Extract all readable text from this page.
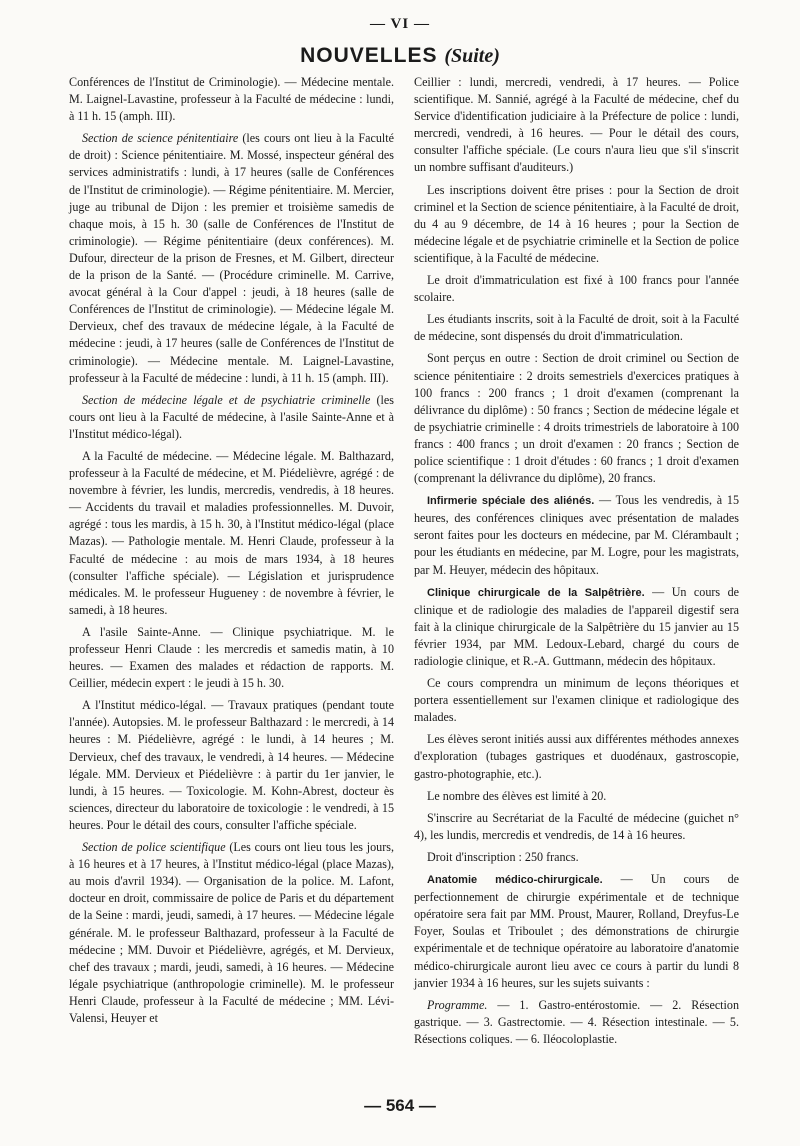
— VI —
NOUVELLES (Suite)

Conférences de l'Institut de Criminologie). — Médecine mentale. M. Laignel-Lavastine, professeur à la Faculté de médecine : lundi, à 11 h. 15 (amph. III).

Section de science pénitentiaire (les cours ont lieu à la Faculté de droit) : Science pénitentiaire. M. Mossé, inspecteur général des services administratifs : lundi, à 17 heures (salle de Conférences de l'Institut de criminologie). — Régime pénitentiaire. M. Mercier, juge au tribunal de Dijon : les premier et troisième samedis de chaque mois, à 15 h. 30 (salle de Conférences de l'Institut de criminologie). — Régime pénitentiaire (deux conférences). M. Dufour, directeur de la prison de Fresnes, et M. Gilbert, directeur de la prison de la Santé. — (Procédure criminelle. M. Carrive, avocat général à la Cour d'appel : jeudi, à 18 heures (salle de Conférences de l'Institut de criminologie). — Médecine légale M. Dervieux, chef des travaux de médecine légale, à la Faculté de médecine : jeudi, à 17 heures (salle de Conférences de l'Institut de criminologie). — Médecine mentale. M. Laignel-Lavastine, professeur à la Faculté de médecine : lundi, à 11 h. 15 (amph. III).

Section de médecine légale et de psychiatrie criminelle (les cours ont lieu à la Faculté de médecine, à l'asile Sainte-Anne et à l'Institut médico-légal).

A la Faculté de médecine. — Médecine légale. M. Balthazard, professeur à la Faculté de médecine, et M. Piédelièvre, agrégé : de novembre à février, les lundis, mercredis, vendredis, à 18 heures. — Accidents du travail et maladies professionnelles. M. Duvoir, agrégé : tous les mardis, à 15 h. 30, à l'Institut médico-légal (place Mazas). — Pathologie mentale. M. Henri Claude, professeur à la Faculté de médecine : au mois de mars 1934, à 18 heures (consulter l'affiche spéciale). — Législation et jurisprudence médicales. M. le professeur Hugueney : de novembre à février, le samedi, à 18 heures.

A l'asile Sainte-Anne. — Clinique psychiatrique. M. le professeur Henri Claude : les mercredis et samedis matin, à 10 heures. — Examen des malades et rédaction de rapports. M. Ceillier, médecin expert : le jeudi à 15 h. 30.

A l'Institut médico-légal. — Travaux pratiques (pendant toute l'année). Autopsies. M. le professeur Balthazard : le mercredi, à 14 heures : M. Piédelièvre, agrégé : le lundi, à 14 heures ; M. Dervieux, chef des travaux, le vendredi, à 14 heures. — Médecine légale. MM. Dervieux et Piédelièvre : à partir du 1er janvier, le lundi, à 15 heures. — Toxicologie. M. Kohn-Abrest, docteur ès sciences, directeur du laboratoire de toxicologie : le vendredi, à 15 heures. Pour le détail des cours, consulter l'affiche spéciale.

Section de police scientifique (Les cours ont lieu tous les jours, à 16 heures et à 17 heures, à l'Institut médico-légal (place Mazas), au mois d'avril 1934). — Organisation de la police. M. Lafont, docteur en droit, commissaire de police de Paris et du département de la Seine : mardi, jeudi, samedi, à 17 heures. — Médecine légale générale. M. le professeur Balthazard, professeur à la Faculté de médecine ; MM. Duvoir et Piédelièvre, agrégés, et M. Dervieux, chef des travaux ; mardi, jeudi, samedi, à 16 heures. — Médecine légale psychiatrique (anthropologie criminelle). M. le professeur Henri Claude, professeur à la Faculté de médecine ; MM. Lévi-Valensi, Heuyer et

Ceillier : lundi, mercredi, vendredi, à 17 heures. — Police scientifique. M. Sannié, agrégé à la Faculté de médecine, chef du Service d'identification judiciaire à la Préfecture de police : lundi, mercredi, vendredi, à 16 heures. — Pour le détail des cours, consulter l'affiche spéciale. (Le cours n'aura lieu que s'il s'inscrit un nombre suffisant d'auditeurs.)

Les inscriptions doivent être prises : pour la Section de droit criminel et la Section de science pénitentiaire, à la Faculté de droit, du 4 au 9 décembre, de 14 à 16 heures ; pour la Section de médecine légale et de psychiatrie criminelle et la Section de police scientifique, à la Faculté de médecine.

Le droit d'immatriculation est fixé à 100 francs pour l'année scolaire.

Les étudiants inscrits, soit à la Faculté de droit, soit à la Faculté de médecine, sont dispensés du droit d'immatriculation.

Sont perçus en outre : Section de droit criminel ou Section de science pénitentiaire : 2 droits semestriels d'exercices pratiques à 100 francs : 200 francs ; 1 droit d'examen (comprenant la délivrance du diplôme) : 50 francs ; Section de médecine légale et de psychiatrie criminelle : 4 droits trimestriels de laboratoire à 100 francs : 400 francs ; un droit d'examen : 20 francs ; Section de police scientifique : 1 droit d'études : 60 francs ; 1 droit d'examen (comprenant la délivrance du diplôme), 20 francs.

Infirmerie spéciale des aliénés. — Tous les vendredis, à 15 heures, des conférences cliniques avec présentation de malades seront faites pour les docteurs en médecine, par M. Clérambault ; pour les étudiants en médecine, par M. Logre, pour les magistrats, par M. Heuyer, médecin des hôpitaux.

Clinique chirurgicale de la Salpêtrière. — Un cours de clinique et de radiologie des maladies de l'appareil digestif sera fait à la clinique chirurgicale de la Salpêtrière du 15 janvier au 15 février 1934, par MM. Ledoux-Lebard, chargé du cours de radiologie clinique, et R.-A. Guttmann, médecin des hôpitaux.

Ce cours comprendra un minimum de leçons théoriques et portera essentiellement sur l'examen clinique et radiologique des malades.

Les élèves seront initiés aussi aux différentes méthodes annexes d'exploration (tubages gastriques et duodénaux, gastroscopie, gastro-photographie, etc.).

Le nombre des élèves est limité à 20.

S'inscrire au Secrétariat de la Faculté de médecine (guichet n° 4), les lundis, mercredis et vendredis, de 14 à 16 heures.

Droit d'inscription : 250 francs.

Anatomie médico-chirurgicale. — Un cours de perfectionnement de chirurgie expérimentale et de technique opératoire sera fait par MM. Proust, Maurer, Rolland, Dreyfus-Le Foyer, Soulas et Triboulet ; des démonstrations de chirurgie expérimentale et de technique opératoire au laboratoire d'anatomie médico-chirurgicale auront lieu avec ce cours à partir du lundi 8 janvier 1934 à 16 heures, sur les sujets suivants :

Programme. — 1. Gastro-entérostomie. — 2. Résection gastrique. — 3. Gastrectomie. — 4. Résection intestinale. — 5. Résections coliques. — 6. Iléocoloplastie.

— 564 —
